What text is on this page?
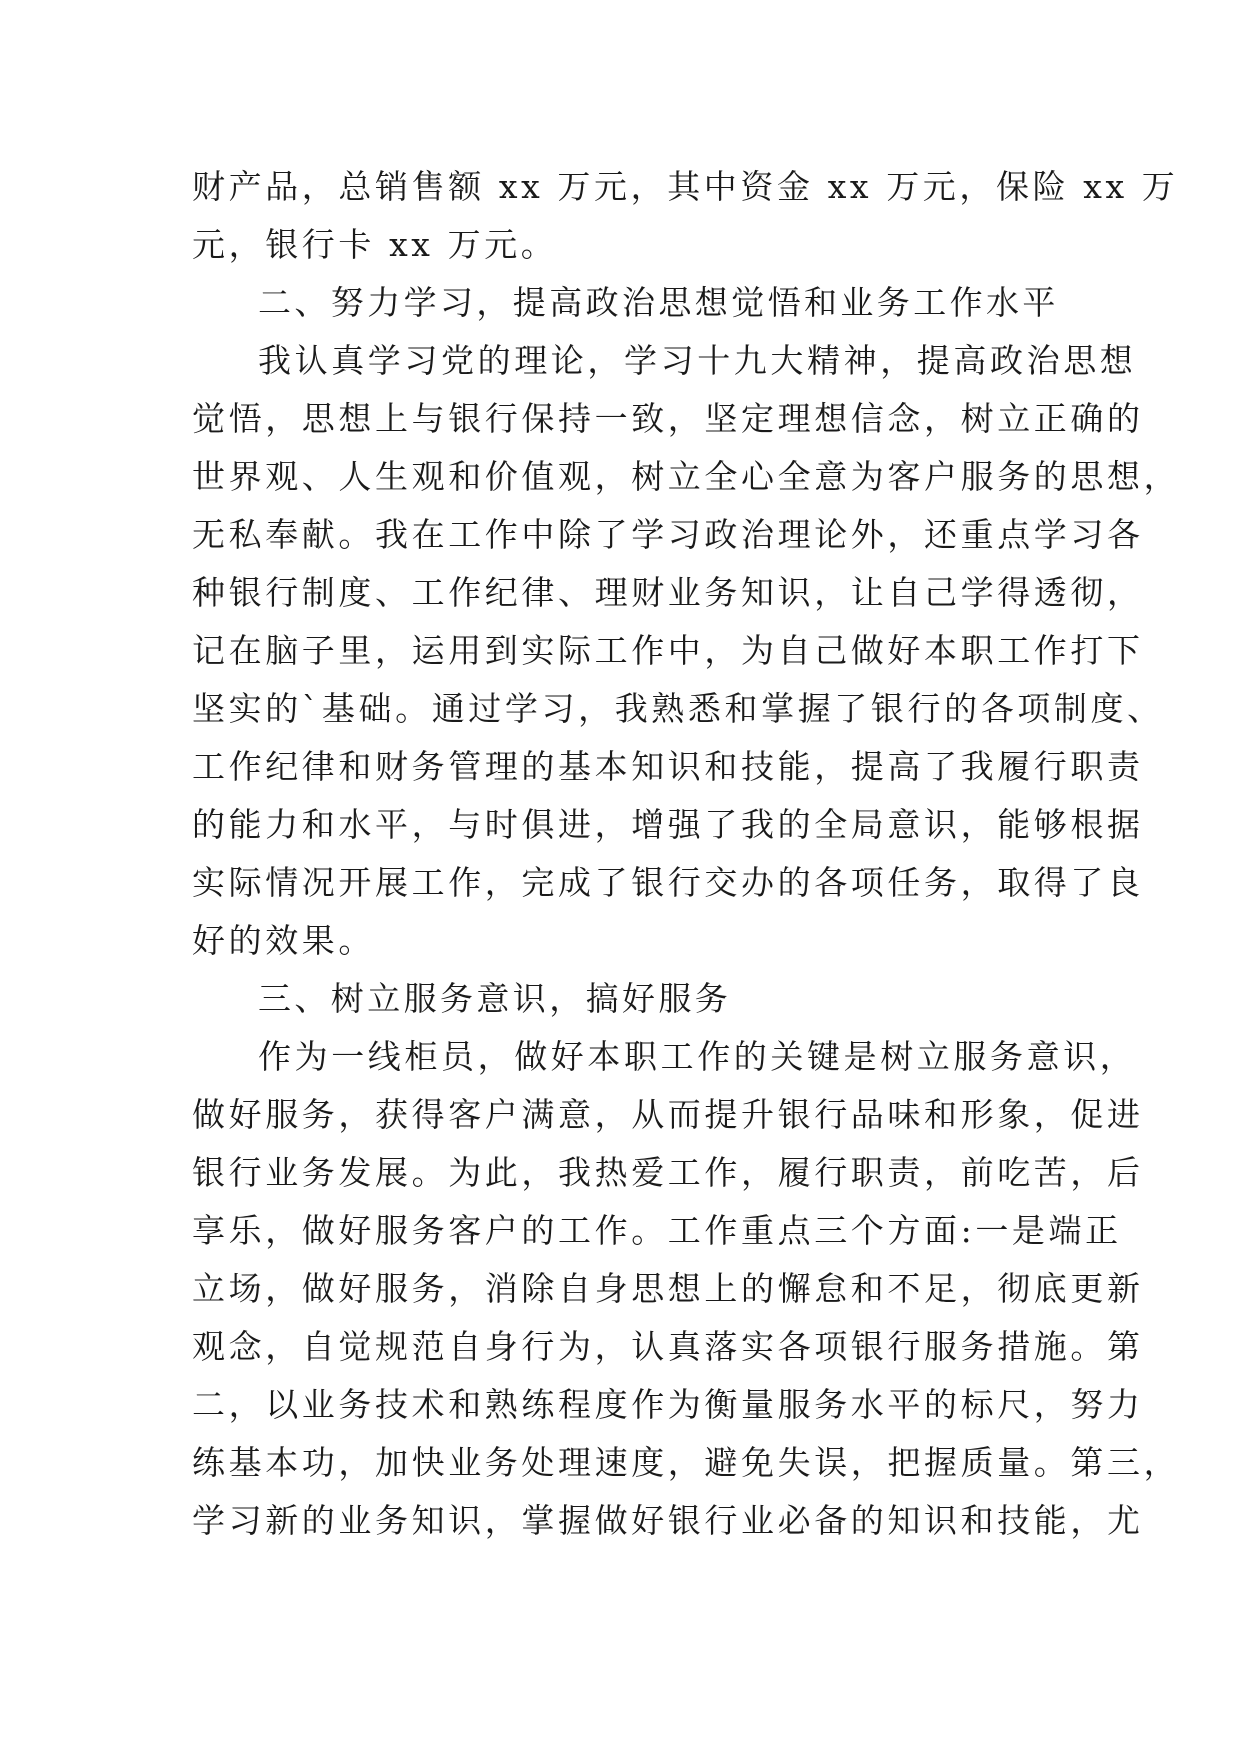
财产品，总销售额 xx 万元，其中资金 xx 万元，保险 xx 万
元，银行卡 xx 万元。
二、努力学习，提高政治思想觉悟和业务工作水平
我认真学习党的理论，学习十九大精神，提高政治思想
觉悟，思想上与银行保持一致，坚定理想信念，树立正确的
世界观、人生观和价值观，树立全心全意为客户服务的思想，
无私奉献。我在工作中除了学习政治理论外，还重点学习各
种银行制度、工作纪律、理财业务知识，让自己学得透彻，
记在脑子里，运用到实际工作中，为自己做好本职工作打下
坚实的`基础。通过学习，我熟悉和掌握了银行的各项制度、
工作纪律和财务管理的基本知识和技能，提高了我履行职责
的能力和水平，与时俱进，增强了我的全局意识，能够根据
实际情况开展工作，完成了银行交办的各项任务，取得了良
好的效果。
三、树立服务意识，搞好服务
作为一线柜员，做好本职工作的关键是树立服务意识，
做好服务，获得客户满意，从而提升银行品味和形象，促进
银行业务发展。为此，我热爱工作，履行职责，前吃苦，后
享乐，做好服务客户的工作。工作重点三个方面:一是端正
立场，做好服务，消除自身思想上的懈怠和不足，彻底更新
观念，自觉规范自身行为，认真落实各项银行服务措施。第
二，以业务技术和熟练程度作为衡量服务水平的标尺，努力
练基本功，加快业务处理速度，避免失误，把握质量。第三，
学习新的业务知识，掌握做好银行业必备的知识和技能，尤
